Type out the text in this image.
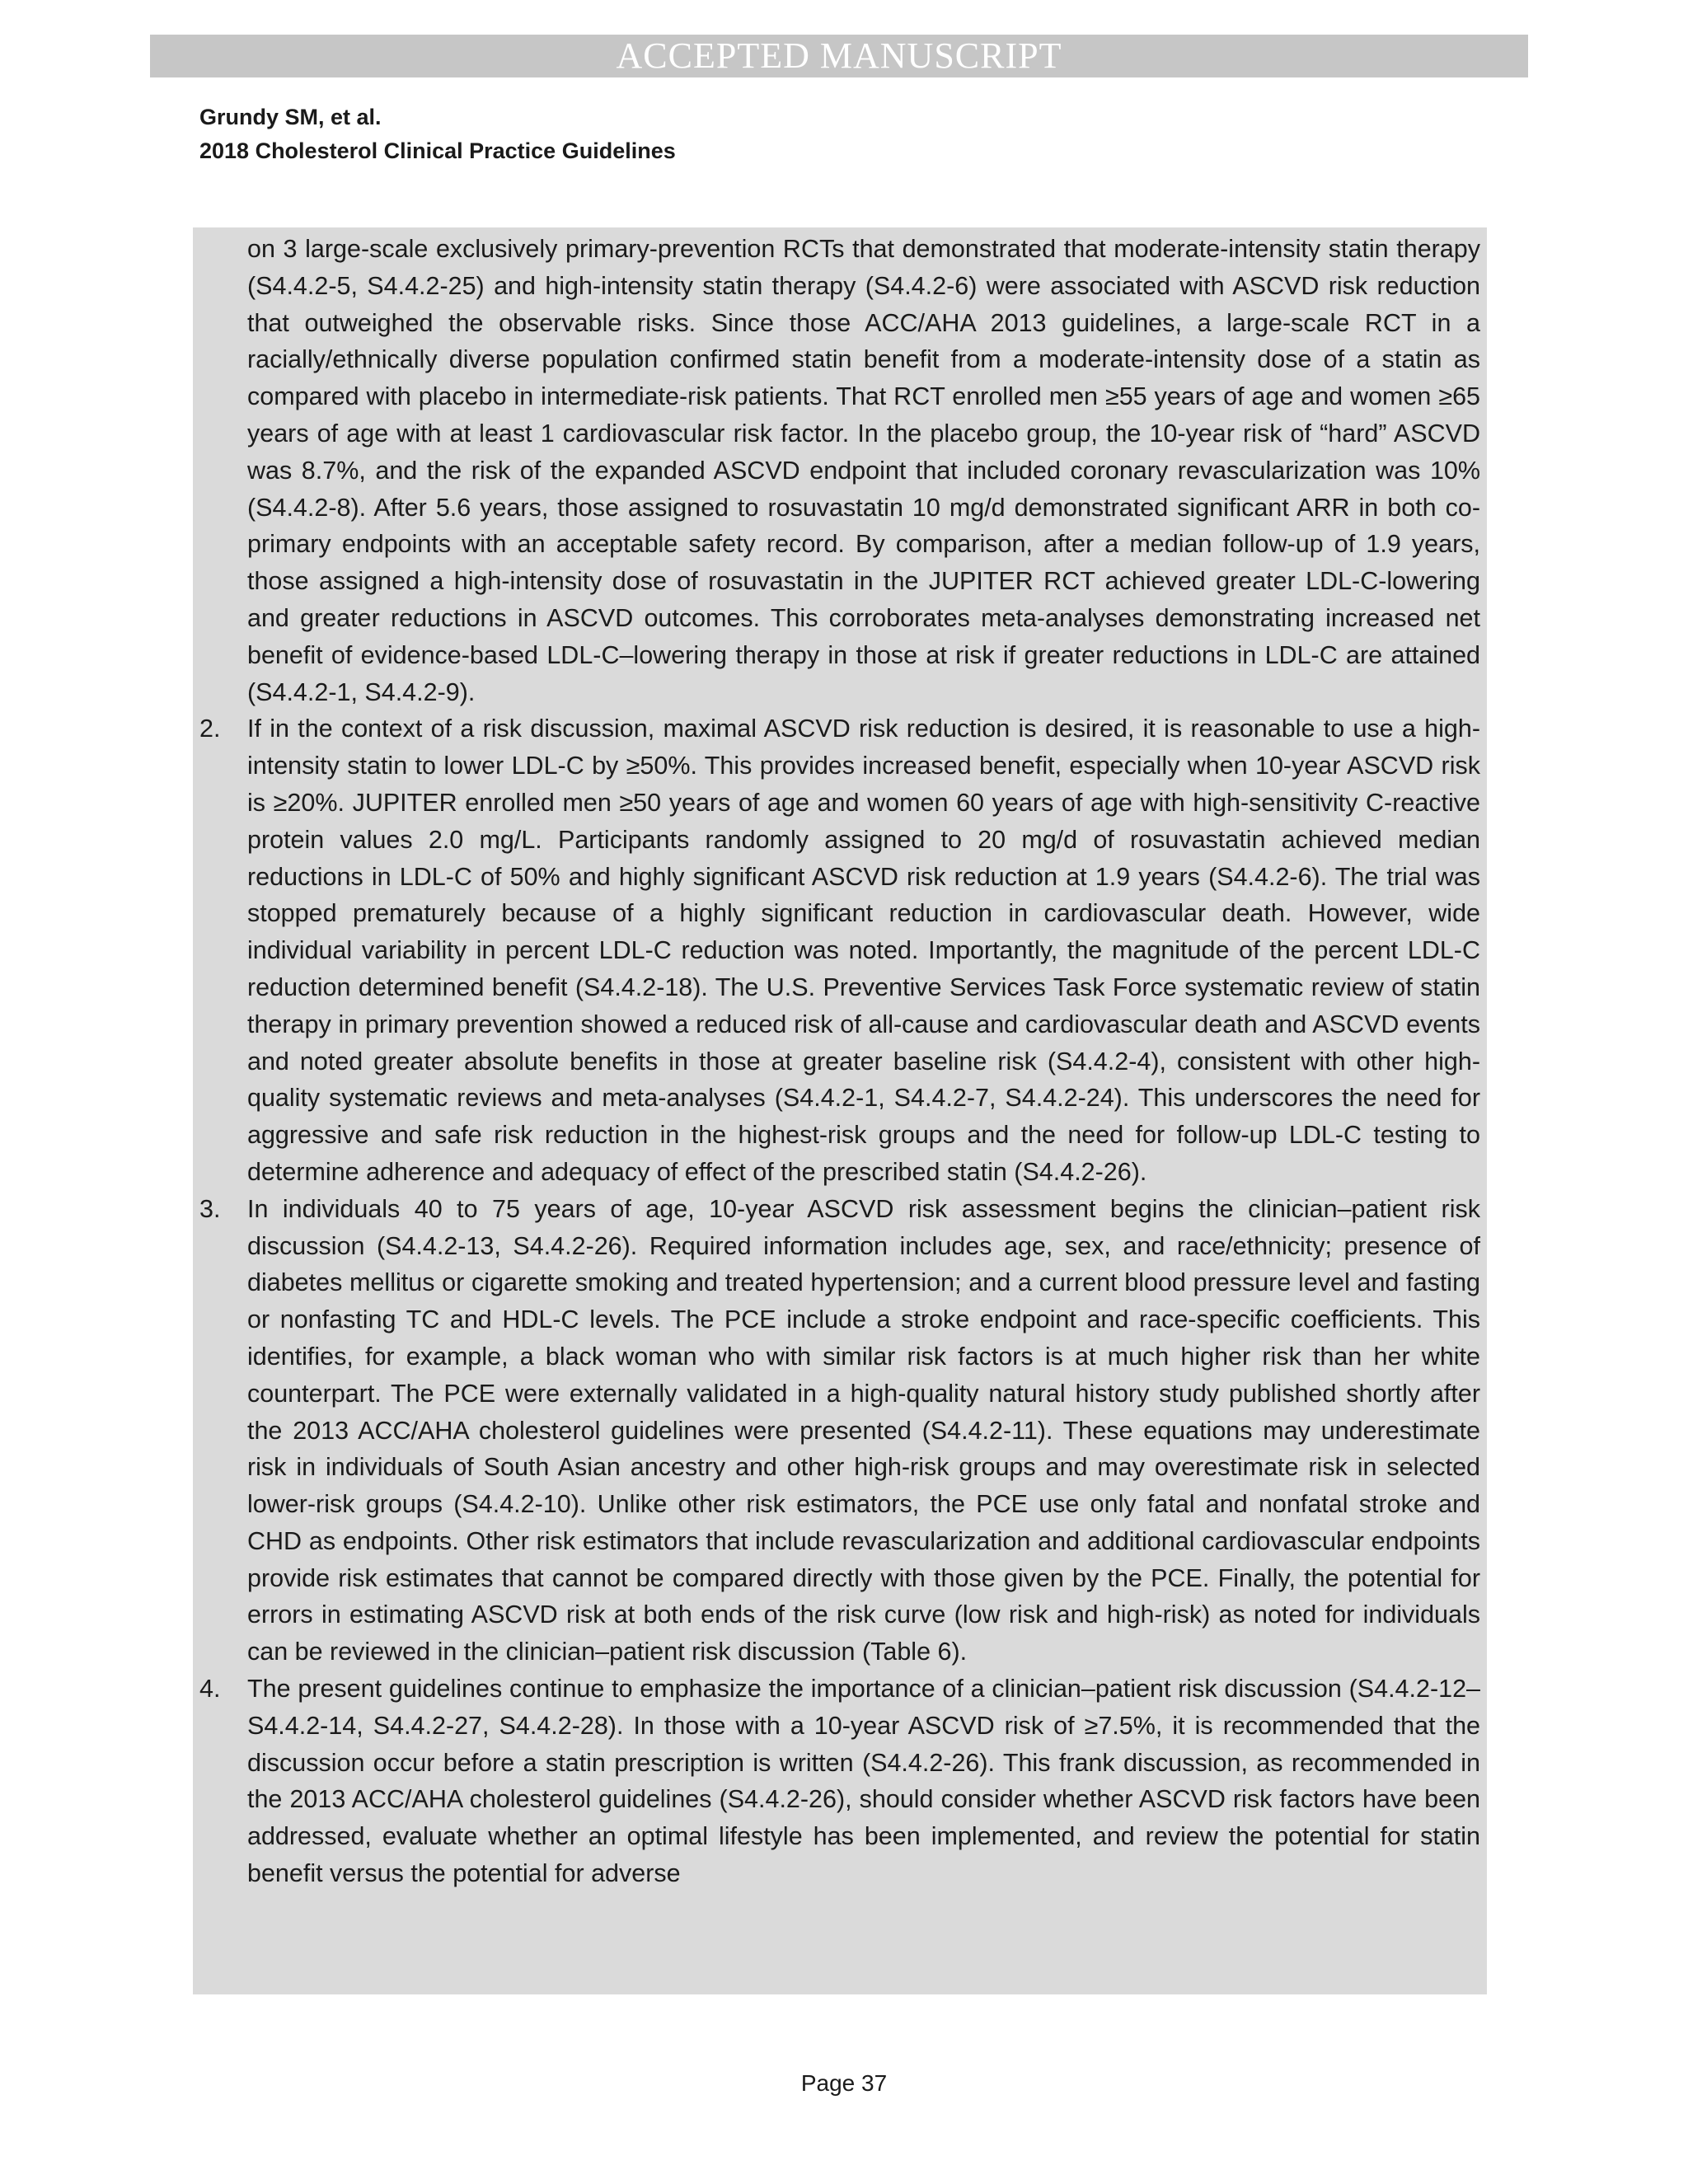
ACCEPTED MANUSCRIPT
Grundy SM, et al.
2018 Cholesterol Clinical Practice Guidelines

on 3 large-scale exclusively primary-prevention RCTs that demonstrated that moderate-intensity statin therapy (S4.4.2-5, S4.4.2-25) and high-intensity statin therapy (S4.4.2-6) were associated with ASCVD risk reduction that outweighed the observable risks. Since those ACC/AHA 2013 guidelines, a large-scale RCT in a racially/ethnically diverse population confirmed statin benefit from a moderate-intensity dose of a statin as compared with placebo in intermediate-risk patients. That RCT enrolled men ≥55 years of age and women ≥65 years of age with at least 1 cardiovascular risk factor. In the placebo group, the 10-year risk of “hard” ASCVD was 8.7%, and the risk of the expanded ASCVD endpoint that included coronary revascularization was 10% (S4.4.2-8). After 5.6 years, those assigned to rosuvastatin 10 mg/d demonstrated significant ARR in both co-primary endpoints with an acceptable safety record. By comparison, after a median follow-up of 1.9 years, those assigned a high-intensity dose of rosuvastatin in the JUPITER RCT achieved greater LDL-C-lowering and greater reductions in ASCVD outcomes. This corroborates meta-analyses demonstrating increased net benefit of evidence-based LDL-C–lowering therapy in those at risk if greater reductions in LDL-C are attained (S4.4.2-1, S4.4.2-9).

2.	If in the context of a risk discussion, maximal ASCVD risk reduction is desired, it is reasonable to use a high-intensity statin to lower LDL-C by ≥50%. This provides increased benefit, especially when 10-year ASCVD risk is ≥20%. JUPITER enrolled men ≥50 years of age and women 60 years of age with high-sensitivity C-reactive protein values 2.0 mg/L. Participants randomly assigned to 20 mg/d of rosuvastatin achieved median reductions in LDL-C of 50% and highly significant ASCVD risk reduction at 1.9 years (S4.4.2-6). The trial was stopped prematurely because of a highly significant reduction in cardiovascular death. However, wide individual variability in percent LDL-C reduction was noted. Importantly, the magnitude of the percent LDL-C reduction determined benefit (S4.4.2-18). The U.S. Preventive Services Task Force systematic review of statin therapy in primary prevention showed a reduced risk of all-cause and cardiovascular death and ASCVD events and noted greater absolute benefits in those at greater baseline risk (S4.4.2-4), consistent with other high-quality systematic reviews and meta-analyses (S4.4.2-1, S4.4.2-7, S4.4.2-24). This underscores the need for aggressive and safe risk reduction in the highest-risk groups and the need for follow-up LDL-C testing to determine adherence and adequacy of effect of the prescribed statin (S4.4.2-26).

3.	In individuals 40 to 75 years of age, 10-year ASCVD risk assessment begins the clinician–patient risk discussion (S4.4.2-13, S4.4.2-26). Required information includes age, sex, and race/ethnicity; presence of diabetes mellitus or cigarette smoking and treated hypertension; and a current blood pressure level and fasting or nonfasting TC and HDL-C levels. The PCE include a stroke endpoint and race-specific coefficients. This identifies, for example, a black woman who with similar risk factors is at much higher risk than her white counterpart. The PCE were externally validated in a high-quality natural history study published shortly after the 2013 ACC/AHA cholesterol guidelines were presented (S4.4.2-11). These equations may underestimate risk in individuals of South Asian ancestry and other high-risk groups and may overestimate risk in selected lower-risk groups (S4.4.2-10). Unlike other risk estimators, the PCE use only fatal and nonfatal stroke and CHD as endpoints. Other risk estimators that include revascularization and additional cardiovascular endpoints provide risk estimates that cannot be compared directly with those given by the PCE. Finally, the potential for errors in estimating ASCVD risk at both ends of the risk curve (low risk and high-risk) as noted for individuals can be reviewed in the clinician–patient risk discussion (Table 6).

4.	The present guidelines continue to emphasize the importance of a clinician–patient risk discussion (S4.4.2-12–S4.4.2-14, S4.4.2-27, S4.4.2-28). In those with a 10-year ASCVD risk of ≥7.5%, it is recommended that the discussion occur before a statin prescription is written (S4.4.2-26). This frank discussion, as recommended in the 2013 ACC/AHA cholesterol guidelines (S4.4.2-26), should consider whether ASCVD risk factors have been addressed, evaluate whether an optimal lifestyle has been implemented, and review the potential for statin benefit versus the potential for adverse

Page 37
